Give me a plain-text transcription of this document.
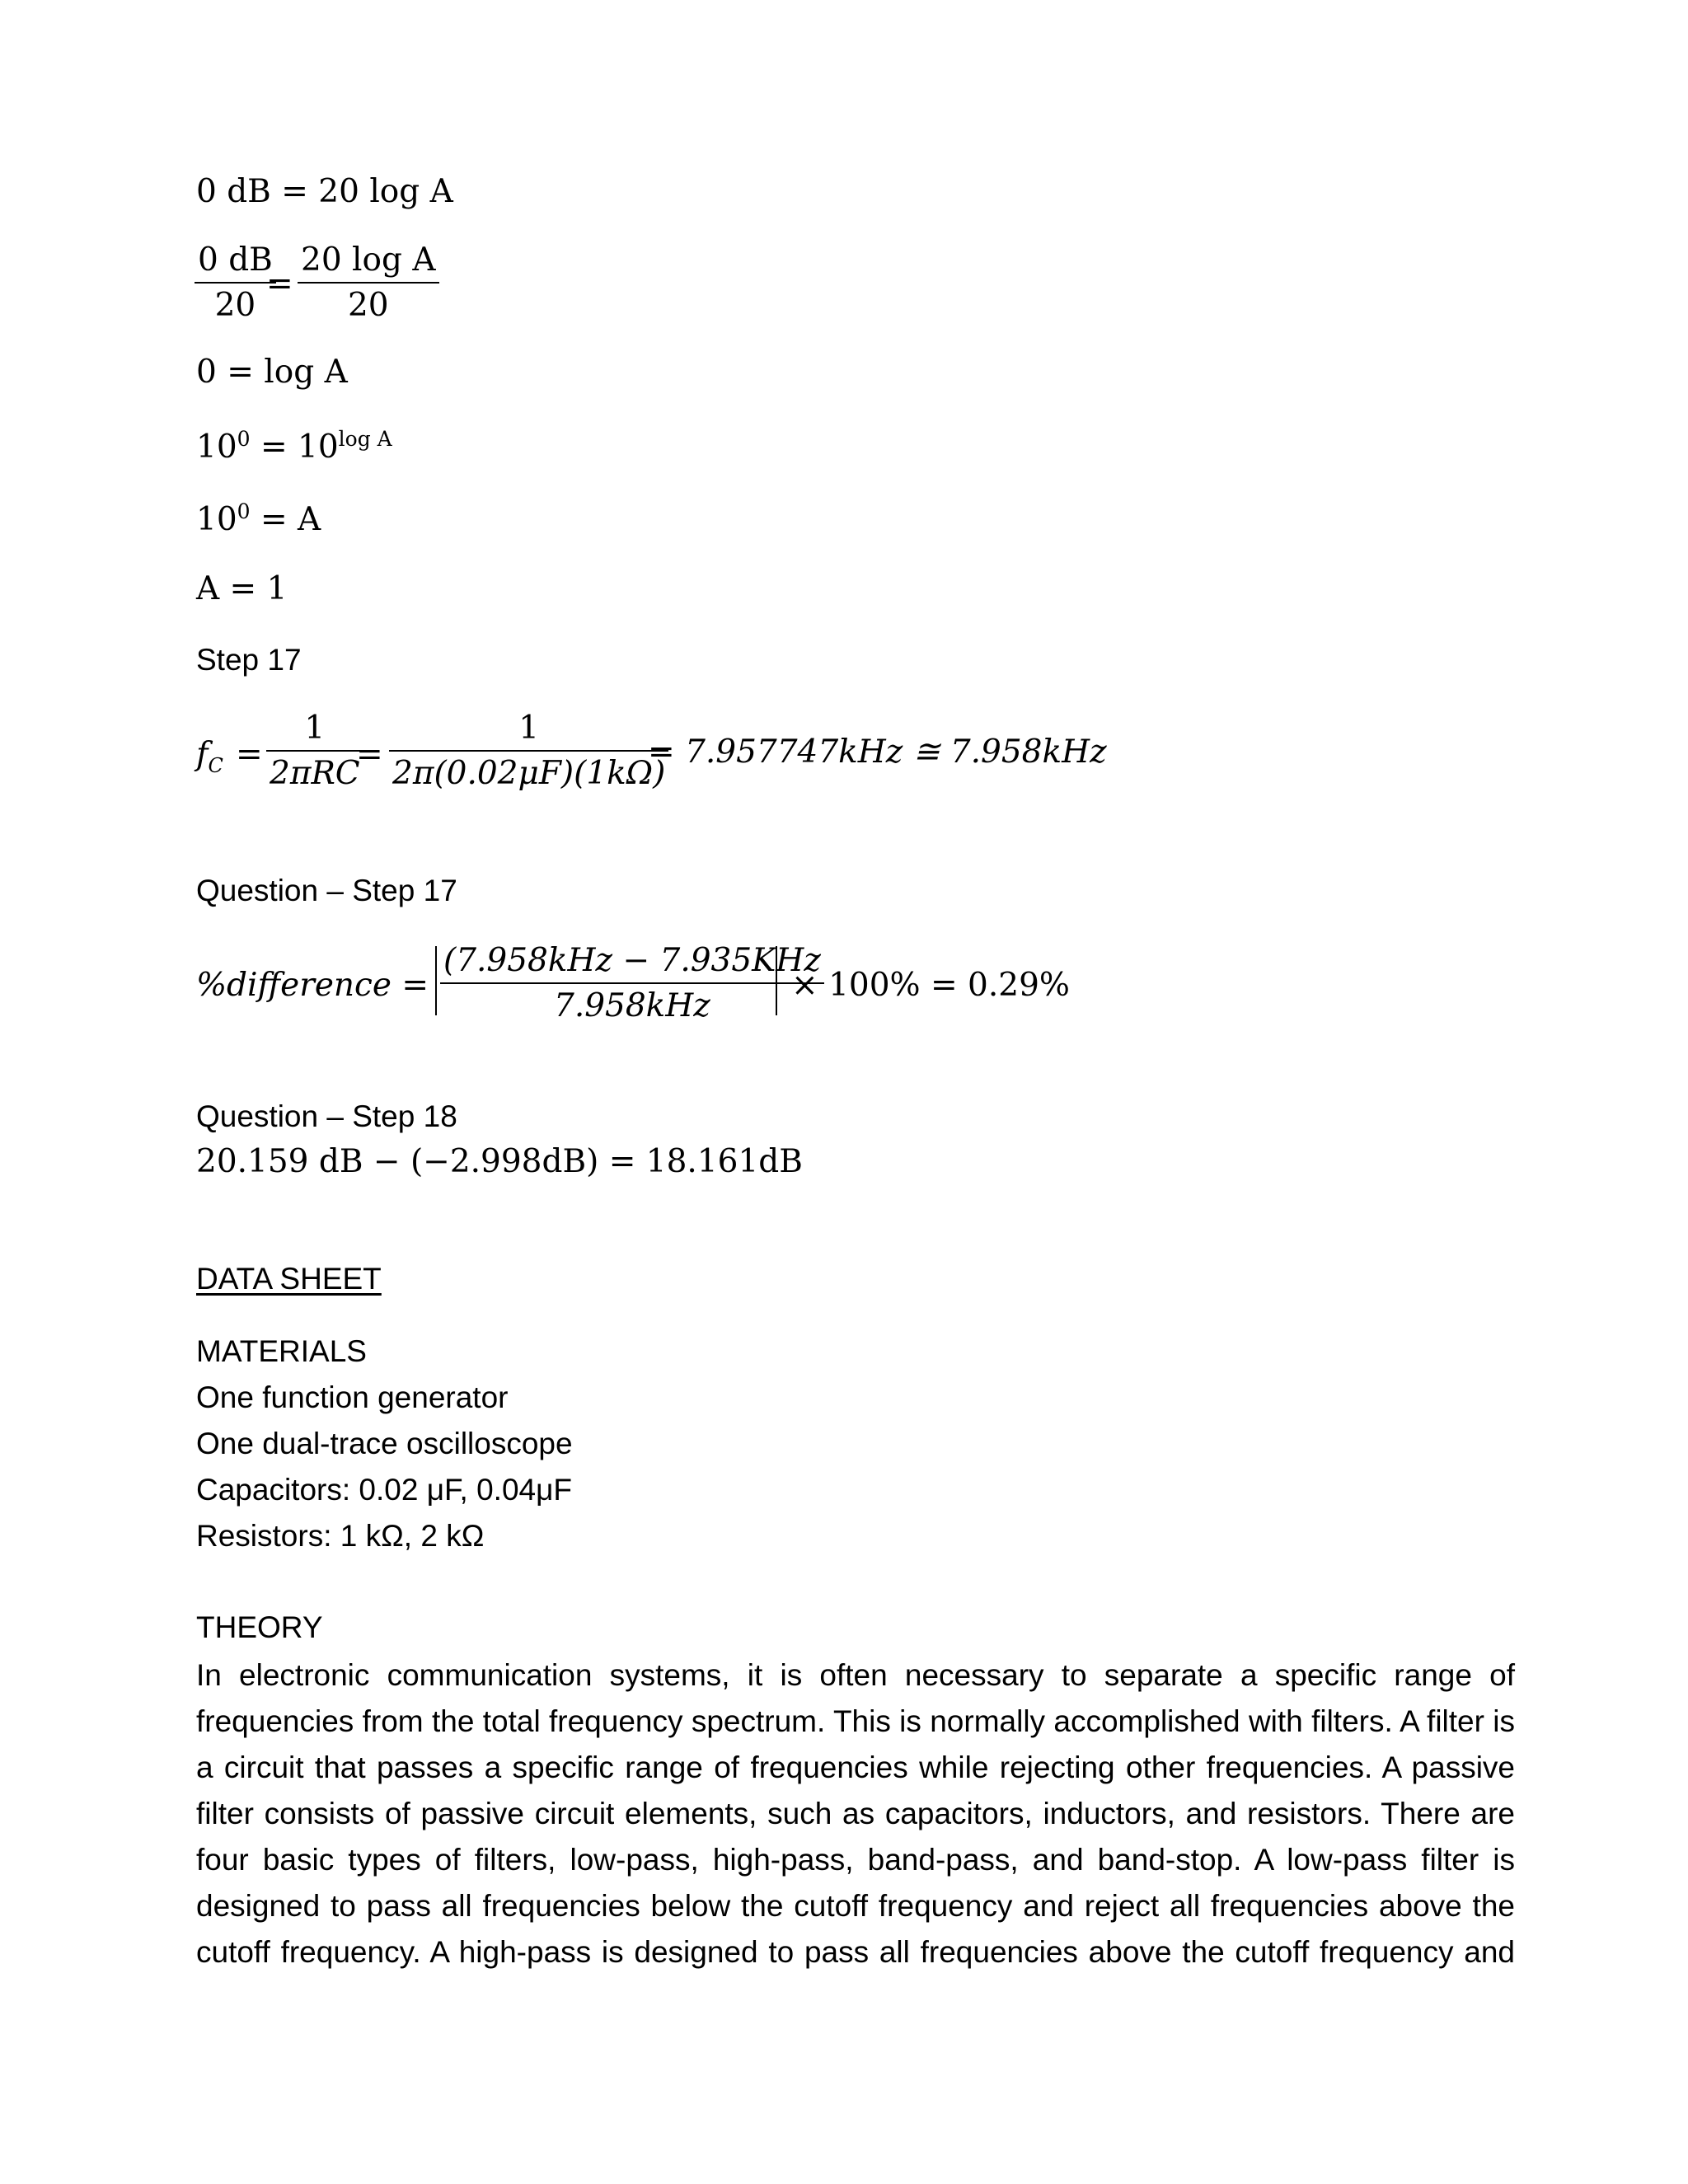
0 dB = 20 log A
0 dB
20
=
20 log A
20
0 = log A
$10^0 = 10^{log A}$
$10^0 = A$
A = 1
Step 17
$f_C$ =
1
2πRC
=
1
2π(0.02μF)(1kΩ)
= 7.957747kHz ≅ 7.958kHz
Question – Step 17
%difference =
(7.958kHz − 7.935KHz
7.958kHz
× 100% = 0.29%
Question – Step 18
20.159 dB − (−2.998dB) = 18.161dB
DATA SHEET
MATERIALS
One function generator
One dual-trace oscilloscope
Capacitors: 0.02 μF, 0.04μF
Resistors: 1 kΩ, 2 kΩ
THEORY
In electronic communication systems, it is often necessary to separate a specific range of
frequencies from the total frequency spectrum. This is normally accomplished with filters. A filter is
a circuit that passes a specific range of frequencies while rejecting other frequencies. A passive
filter consists of passive circuit elements, such as capacitors, inductors, and resistors. There are
four basic types of filters, low-pass, high-pass, band-pass, and band-stop. A low-pass filter is
designed to pass all frequencies below the cutoff frequency and reject all frequencies above the
cutoff frequency. A high-pass is designed to pass all frequencies above the cutoff frequency and
